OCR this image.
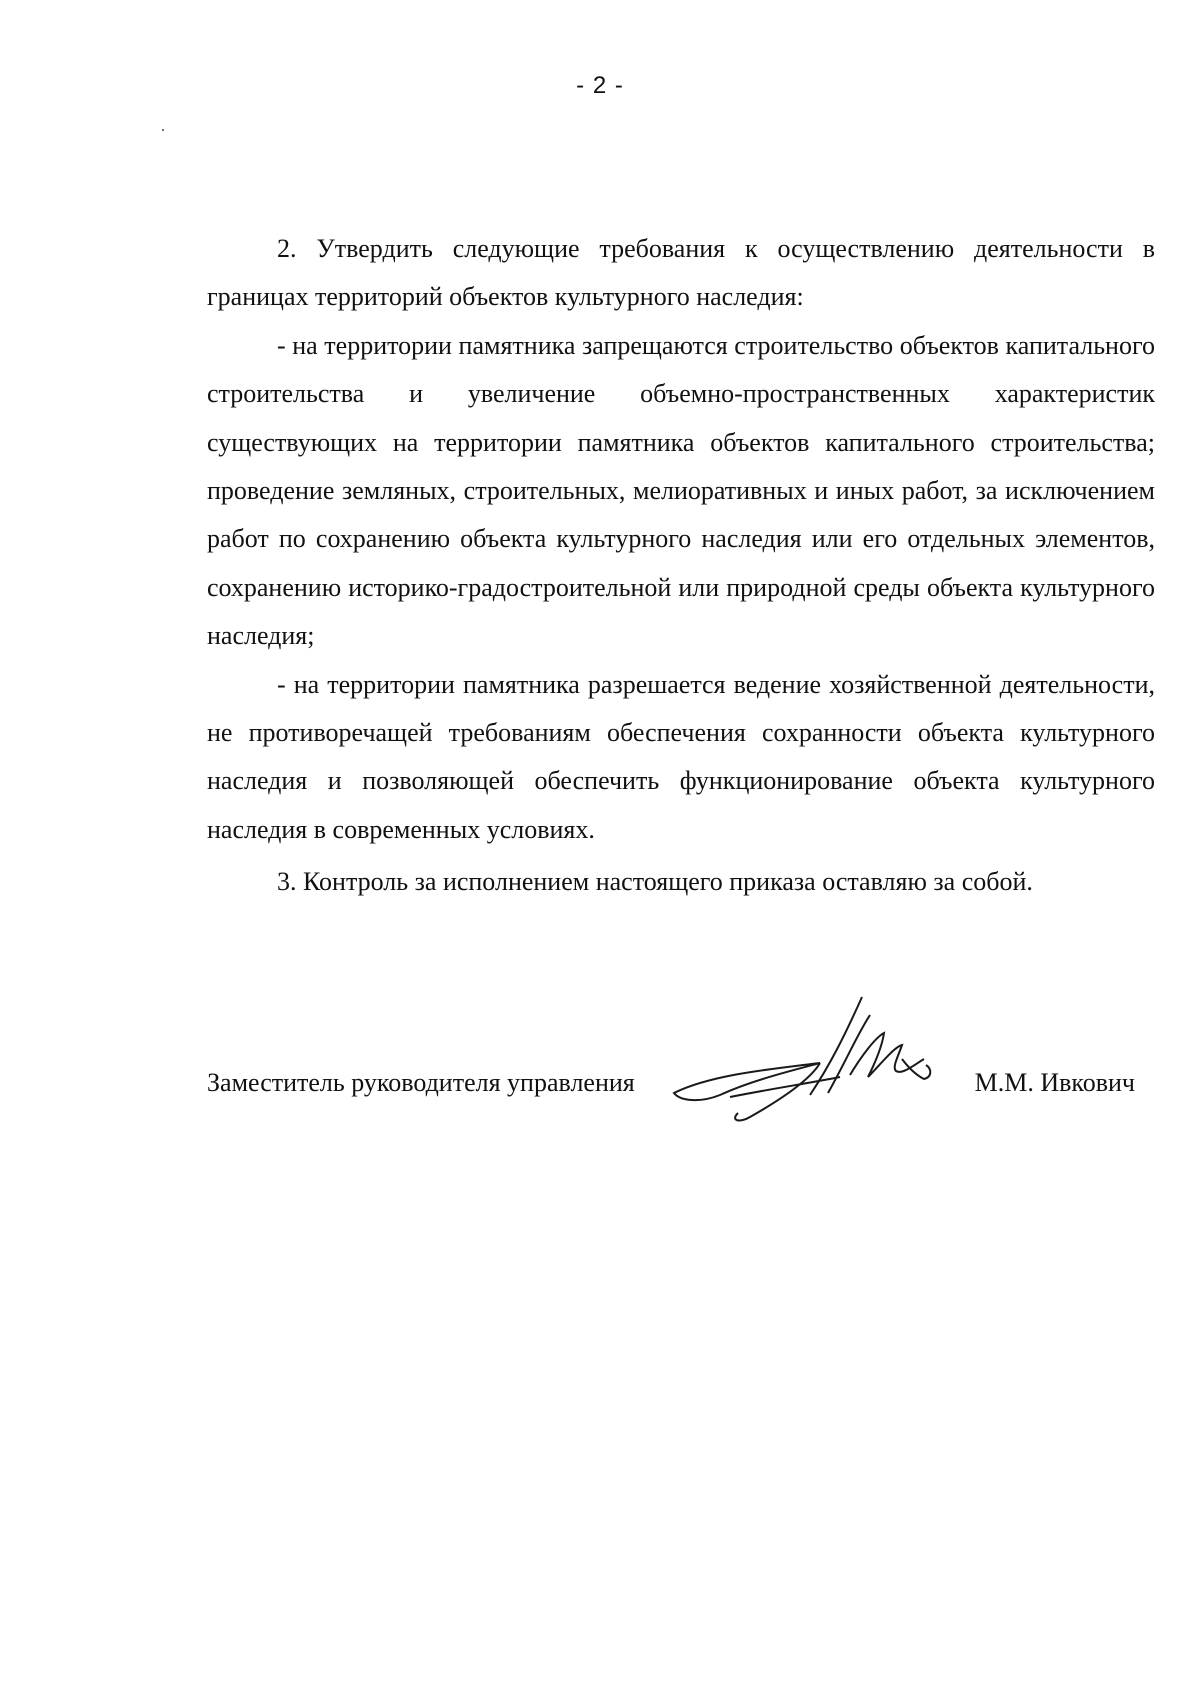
- 2 -

2. Утвердить следующие требования к осуществлению деятельности в границах территорий объектов культурного наследия:

- на территории памятника запрещаются строительство объектов капитального строительства и увеличение объемно-пространственных характеристик существующих на территории памятника объектов капитального строительства; проведение земляных, строительных, мелиоративных и иных работ, за исключением работ по сохранению объекта культурного наследия или его отдельных элементов, сохранению историко-градостроительной или природной среды объекта культурного наследия;

- на территории памятника разрешается ведение хозяйственной деятельности, не противоречащей требованиям обеспечения сохранности объекта культурного наследия и позволяющей обеспечить функционирование объекта культурного наследия в современных условиях.

3. Контроль за исполнением настоящего приказа оставляю за собой.

Заместитель руководителя управления	М.М. Ивкович
